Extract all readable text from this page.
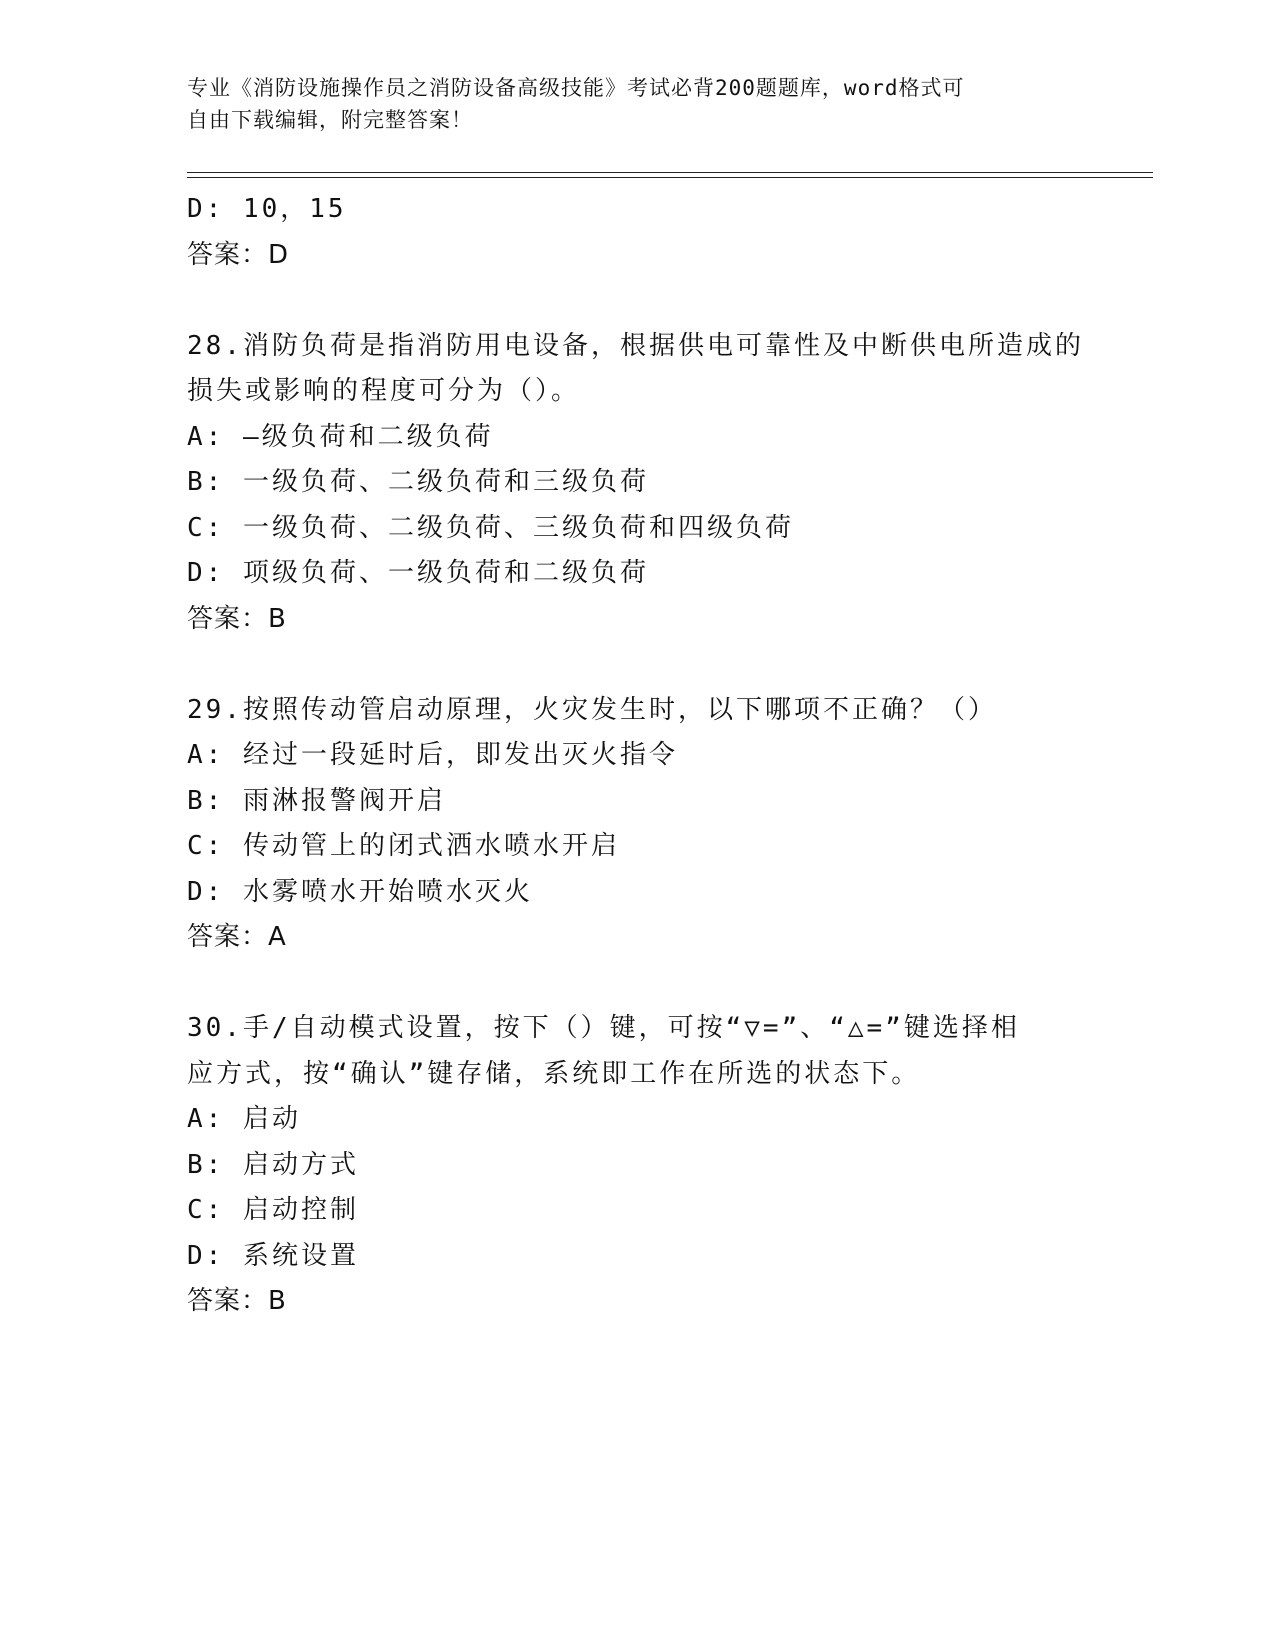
专业《消防设施操作员之消防设备高级技能》考试必背200题题库，word格式可
自由下载编辑，附完整答案！
D: 10，15
答案：D
28.消防负荷是指消防用电设备，根据供电可靠性及中断供电所造成的
损失或影响的程度可分为（）。
A: —级负荷和二级负荷
B: 一级负荷、二级负荷和三级负荷
C: 一级负荷、二级负荷、三级负荷和四级负荷
D: 项级负荷、一级负荷和二级负荷
答案：B
29.按照传动管启动原理，火灾发生时，以下哪项不正确？（）
A: 经过一段延时后，即发出灭火指令
B: 雨淋报警阀开启
C: 传动管上的闭式洒水喷水开启
D: 水雾喷水开始喷水灭火
答案：A
30.手/自动模式设置，按下（）键，可按“▽=”、“△=”键选择相
应方式，按“确认”键存储，系统即工作在所选的状态下。
A: 启动
B: 启动方式
C: 启动控制
D: 系统设置
答案：B
